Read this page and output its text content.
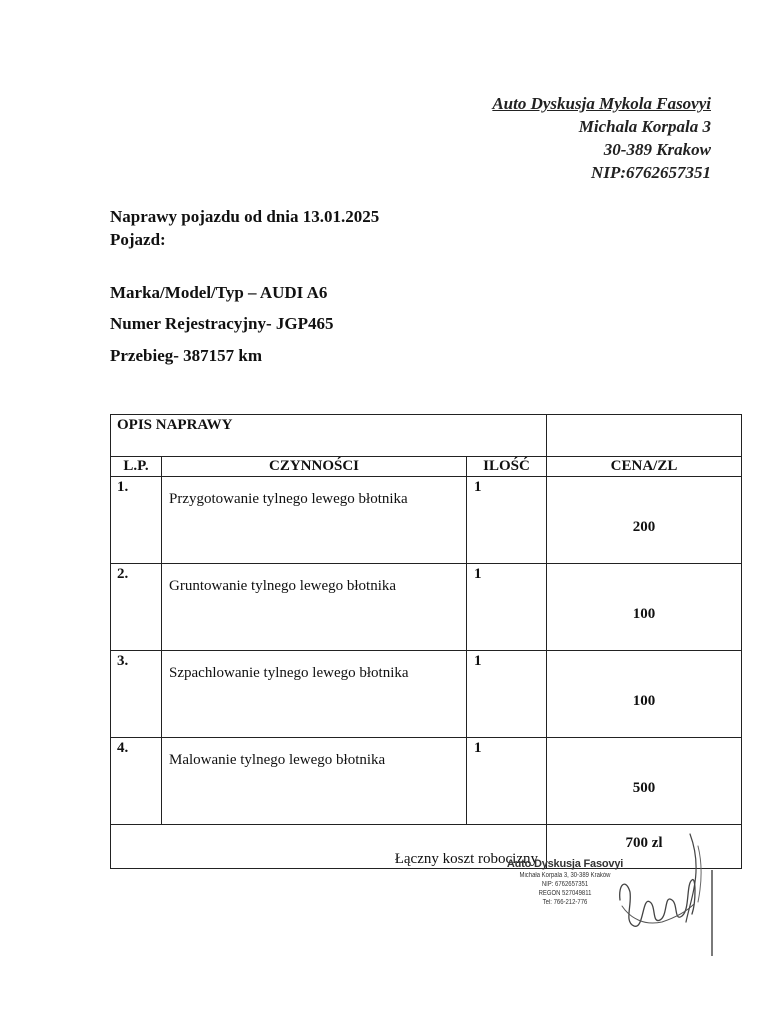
Auto Dyskusja Mykola Fasovyi
Michala Korpala 3
30-389 Krakow
NIP:6762657351
Naprawy pojazdu od dnia 13.01.2025
Pojazd:
Marka/Model/Typ – AUDI A6
Numer Rejestracyjny- JGP465
Przebieg- 387157 km
OPIS NAPRAWY			
L.P.	CZYNNOŚCI	ILOŚĆ	CENA/ZL
1.	Przygotowanie tylnego lewego błotnika	1	200
2.	Gruntowanie tylnego lewego błotnika	1	100
3.	Szpachlowanie tylnego lewego błotnika	1	100
4.	Malowanie tylnego lewego błotnika	1	500
Łączny koszt robocizny			700 zl
Auto Dyskusja Fasovyi
Michała Korpala 3, 30-389 Kraków
NIP: 6762657351
REGON 527049811
Tel: 766-212-776
